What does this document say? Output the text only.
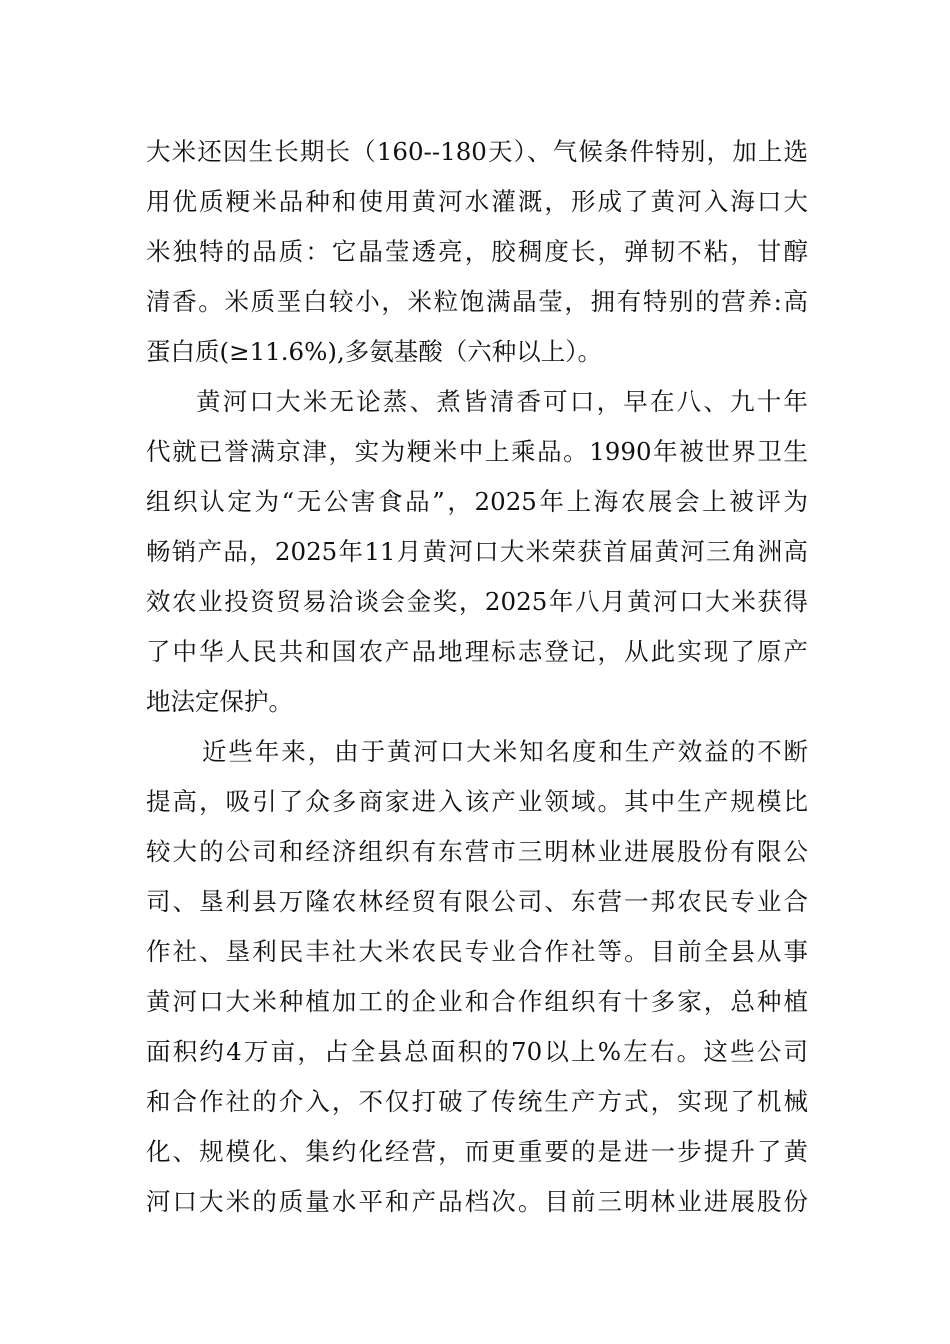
大米还因生长期长（160--180天）、气候条件特别，加上选
用优质粳米品种和使用黄河水灌溉，形成了黄河入海口大
米独特的品质：它晶莹透亮，胶稠度长，弹韧不粘，甘醇
清香。米质垩白较小，米粒饱满晶莹，拥有特别的营养:高
蛋白质(≥11.6%),多氨基酸（六种以上）。
黄河口大米无论蒸、煮皆清香可口，早在八、九十年
代就已誉满京津，实为粳米中上乘品。1990年被世界卫生
组织认定为“无公害食品”，2025年上海农展会上被评为
畅销产品，2025年11月黄河口大米荣获首届黄河三角洲高
效农业投资贸易洽谈会金奖，2025年八月黄河口大米获得
了中华人民共和国农产品地理标志登记，从此实现了原产
地法定保护。
近些年来，由于黄河口大米知名度和生产效益的不断
提高，吸引了众多商家进入该产业领域。其中生产规模比
较大的公司和经济组织有东营市三明林业进展股份有限公
司、垦利县万隆农林经贸有限公司、东营一邦农民专业合
作社、垦利民丰社大米农民专业合作社等。目前全县从事
黄河口大米种植加工的企业和合作组织有十多家，总种植
面积约4万亩，占全县总面积的70以上%左右。这些公司
和合作社的介入，不仅打破了传统生产方式，实现了机械
化、规模化、集约化经营，而更重要的是进一步提升了黄
河口大米的质量水平和产品档次。目前三明林业进展股份
